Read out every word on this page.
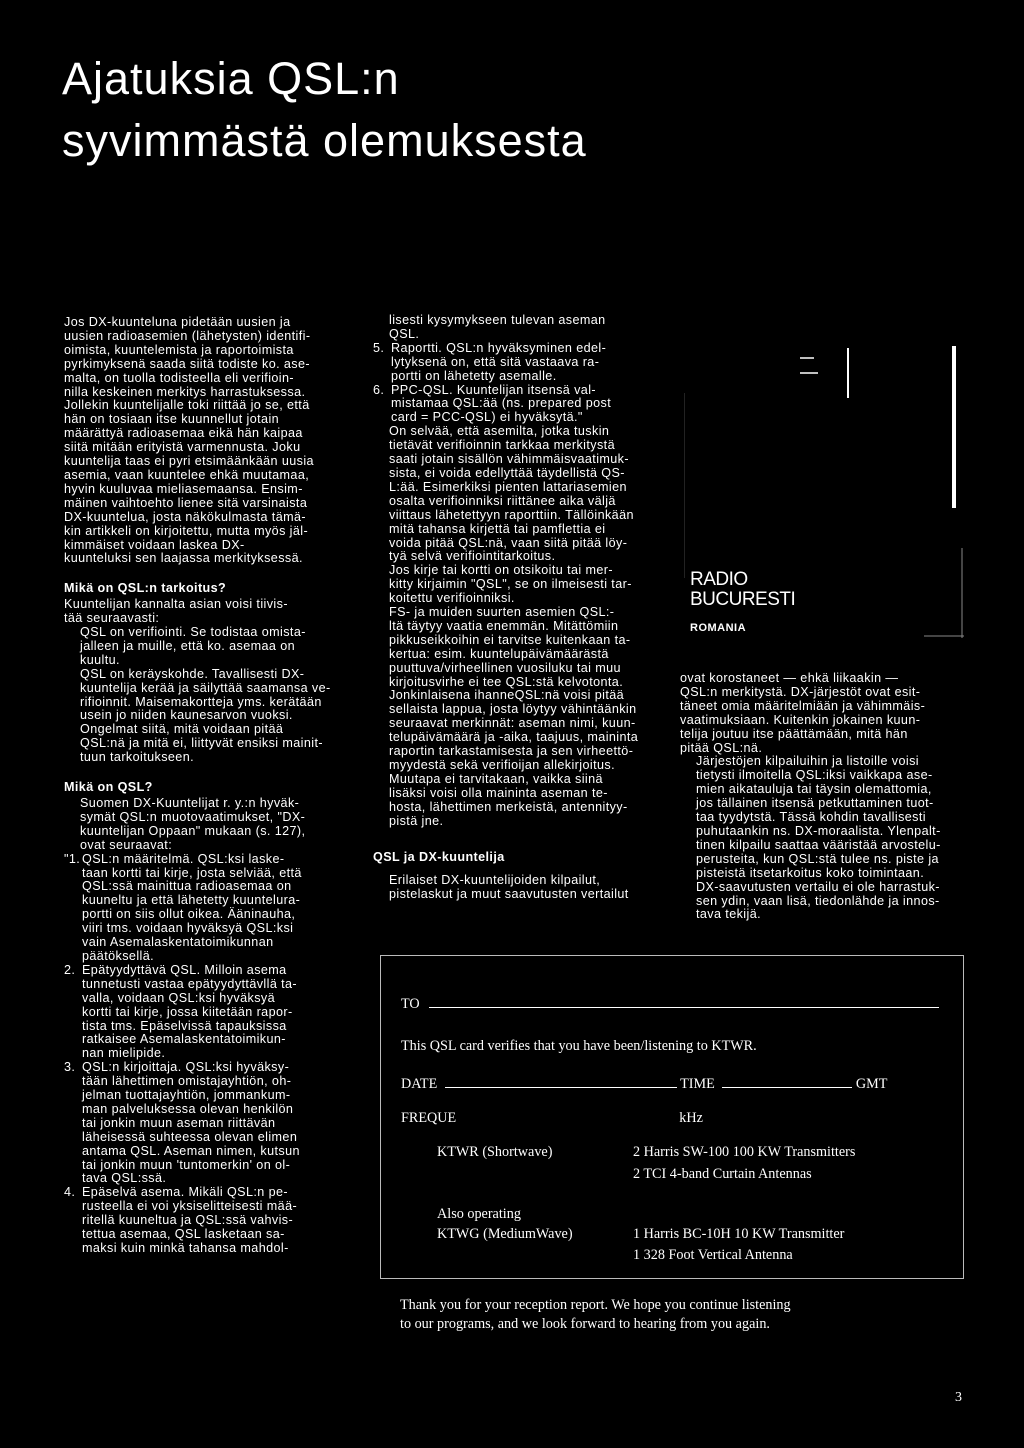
Ajatuksia QSL:n
syvimmästä olemuksesta

Jos DX-kuunteluna pidetään uusien ja

uusien radioasemien (lähetysten) identifi-

oimista, kuuntelemista ja raportoimista

pyrkimyksenä saada siitä todiste ko. ase-

malta, on tuolla todisteella eli verifioin-

nilla keskeinen merkitys harrastuksessa.

Jollekin kuuntelijalle toki riittää jo se, että

hän on tosiaan itse kuunnellut jotain

määrättyä radioasemaa eikä hän kaipaa

siitä mitään erityistä varmennusta. Joku

kuuntelija taas ei pyri etsimäänkään uusia

asemia, vaan kuuntelee ehkä muutamaa,

hyvin kuuluvaa mieliasemaansa. Ensim-

mäinen vaihtoehto lienee sitä varsinaista

DX-kuuntelua, josta näkökulmasta tämä-

kin artikkeli on kirjoitettu, mutta myös jäl-

kimmäiset voidaan laskea DX-

kuunteluksi sen laajassa merkityksessä.

Mikä on QSL:n tarkoitus?

Kuuntelijan kannalta asian voisi tiivis-

tää seuraavasti:

QSL on verifiointi. Se todistaa omista-

jalleen ja muille, että ko. asemaa on

kuultu.

QSL on keräyskohde. Tavallisesti DX-

kuuntelija kerää ja säilyttää saamansa ve-

rifioinnit. Maisemakortteja yms. kerätään

usein jo niiden kaunesarvon vuoksi.

Ongelmat siitä, mitä voidaan pitää

QSL:nä ja mitä ei, liittyvät ensiksi mainit-

tuun tarkoitukseen.

Mikä on QSL?

Suomen DX-Kuuntelijat r. y.:n hyväk-

symät QSL:n muotovaatimukset, "DX-

kuuntelijan Oppaan" mukaan (s. 127),

ovat seuraavat:

"1. QSL:n määritelmä. QSL:ksi laske-

taan kortti tai kirje, josta selviää, että

QSL:ssä mainittua radioasemaa on

kuuneltu ja että lähetetty kuuntelura-

portti on siis ollut oikea. Ääninauha,

viiri tms. voidaan hyväksyä QSL:ksi

vain Asemalaskentatoimikunnan

päätöksellä.

2. Epätyydyttävä QSL. Milloin asema

tunnetusti vastaa epätyydyttävllä ta-

valla, voidaan QSL:ksi hyväksyä

kortti tai kirje, jossa kiitetään rapor-

tista tms. Epäselvissä tapauksissa

ratkaisee Asemalaskentatoimikun-

nan mielipide.

3. QSL:n kirjoittaja. QSL:ksi hyväksy-

tään lähettimen omistajayhtiön, oh-

jelman tuottajayhtiön, jommankum-

man palveluksessa olevan henkilön

tai jonkin muun aseman riittävän

läheisessä suhteessa olevan elimen

antama QSL. Aseman nimen, kutsun

tai jonkin muun 'tuntomerkin' on ol-

tava QSL:ssä.

4. Epäselvä asema. Mikäli QSL:n pe-

rusteella ei voi yksiselitteisesti mää-

ritellä kuuneltua ja QSL:ssä vahvis-

tettua asemaa, QSL lasketaan sa-

maksi kuin minkä tahansa mahdol-

lisesti kysymykseen tulevan aseman

QSL.

5. Raportti. QSL:n hyväksyminen edel-

lytyksenä on, että sitä vastaava ra-

portti on lähetetty asemalle.

6. PPC-QSL. Kuuntelijan itsensä val-

mistamaa QSL:ää (ns. prepared post

card = PCC-QSL) ei hyväksytä."

On selvää, että asemilta, jotka tuskin

tietävät verifioinnin tarkkaa merkitystä

saati jotain sisällön vähimmäisvaatimuk-

sista, ei voida edellyttää täydellistä QS-

L:ää. Esimerkiksi pienten lattariasemien

osalta verifioinniksi riittänee aika väljä

viittaus lähetettyyn raporttiin. Tällöinkään

mitä tahansa kirjettä tai pamflettia ei

voida pitää QSL:nä, vaan siitä pitää löy-

tyä selvä verifiointitarkoitus.

Jos kirje tai kortti on otsikoitu tai mer-

kitty kirjaimin "QSL", se on ilmeisesti tar-

koitettu verifioinniksi.

FS- ja muiden suurten asemien QSL:-

ltä täytyy vaatia enemmän. Mitättömiin

pikkuseikkoihin ei tarvitse kuitenkaan ta-

kertua: esim. kuuntelupäivämäärästä

puuttuva/virheellinen vuosiluku tai muu

kirjoitusvirhe ei tee QSL:stä kelvotonta.

Jonkinlaisena ihanneQSL:nä voisi pitää

sellaista lappua, josta löytyy vähintäänkin

seuraavat merkinnät: aseman nimi, kuun-

telupäivämäärä ja -aika, taajuus, maininta

raportin tarkastamisesta ja sen virheettö-

myydestä sekä verifioijan allekirjoitus.

Muutapa ei tarvitakaan, vaikka siinä

lisäksi voisi olla maininta aseman te-

hosta, lähettimen merkeistä, antennityy-

pistä jne.

QSL ja DX-kuuntelija

Erilaiset DX-kuuntelijoiden kilpailut,

pistelaskut ja muut saavutusten vertailut

RADIO
BUCURESTI
ROMANIA

ovat korostaneet — ehkä liikaakin —

QSL:n merkitystä. DX-järjestöt ovat esit-

täneet omia määritelmiään ja vähimmäis-

vaatimuksiaan. Kuitenkin jokainen kuun-

telija joutuu itse päättämään, mitä hän

pitää QSL:nä.

Järjestöjen kilpailuihin ja listoille voisi

tietysti ilmoitella QSL:iksi vaikkapa ase-

mien aikatauluja tai täysin olemattomia,

jos tällainen itsensä petkuttaminen tuot-

taa tyydytstä. Tässä kohdin tavallisesti

puhutaankin ns. DX-moraalista. Ylenpalt-

tinen kilpailu saattaa vääristää arvostelu-

perusteita, kun QSL:stä tulee ns. piste ja

pisteistä itsetarkoitus koko toimintaan.

DX-saavutusten vertailu ei ole harrastuk-

sen ydin, vaan lisä, tiedonlähde ja innos-

tava tekijä.

TO
This QSL card verifies that you have been/listening to KTWR.
DATE	TIME	GMT
FREQUE	kHz
KTWR (Shortwave)	2 Harris SW-100 100 KW Transmitters
2 TCI 4-band Curtain Antennas
Also operating
KTWG (MediumWave)	1 Harris BC-10H 10 KW Transmitter
1 328 Foot Vertical Antenna
Thank you for your reception report. We hope you continue listening
to our programs, and we look forward to hearing from you again.
3
